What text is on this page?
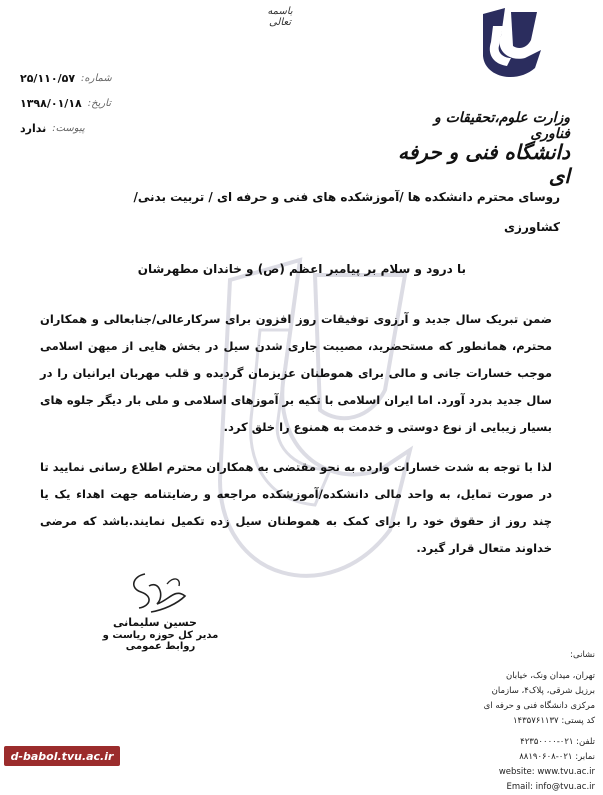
باسمه تعالی
شماره:
۲۵/۱۱۰/۵۷
تاریخ:
۱۳۹۸/۰۱/۱۸
پیوست:
ندارد
وزارت علوم،تحقیقات و فناوری
دانشگاه فنی و حرفه ای
روسای محترم دانشکده ها /آموزشکده های فنی و حرفه ای / تربیت بدنی/
کشاورزی
با درود و سلام بر پیامبر اعظم (ص) و خاندان مطهرشان
ضمن تبریک سال جدید و آرزوی توفیقات روز افزون برای سرکارعالی/جنابعالی و همکاران محترم، همانطور که مستحضرید، مصیبت جاری شدن سیل در بخش هایی از میهن اسلامی موجب خسارات جانی و مالی برای هموطنان عزیزمان گردیده و قلب مهربان ایرانیان را در سال جدید بدرد آورد. اما ایران اسلامی با تکیه بر آموزهای اسلامی و ملی بار دیگر جلوه های بسیار زیبایی از نوع دوستی و خدمت به همنوع را خلق کرد.
لذا با توجه به شدت خسارات وارده به نحو مقتضی به همکاران محترم اطلاع رسانی نمایید تا در صورت تمایل، به واحد مالی دانشکده/آموزشکده مراجعه و رضایتنامه جهت اهداء یک یا چند روز از حقوق خود را برای کمک به هموطنان سیل زده تکمیل نمایند.باشد که مرضی خداوند متعال قرار گیرد.
حسین سلیمانی
مدیر کل حوزه ریاست و روابط عمومی
نشانی:
تهران، میدان ونک، خیابان
برزیل شرقی، پلاک۴، سازمان
مرکزی دانشگاه فنی و حرفه ای
کد پستی: ۱۴۳۵۷۶۱۱۳۷
تلفن: ۰۲۱-۴۲۳۵۰۰۰۰
نمابر: ۰۲۱-۸۸۱۹۰۶۰۸
website: www.tvu.ac.ir
Email: info@tvu.ac.ir
d-babol.tvu.ac.ir
